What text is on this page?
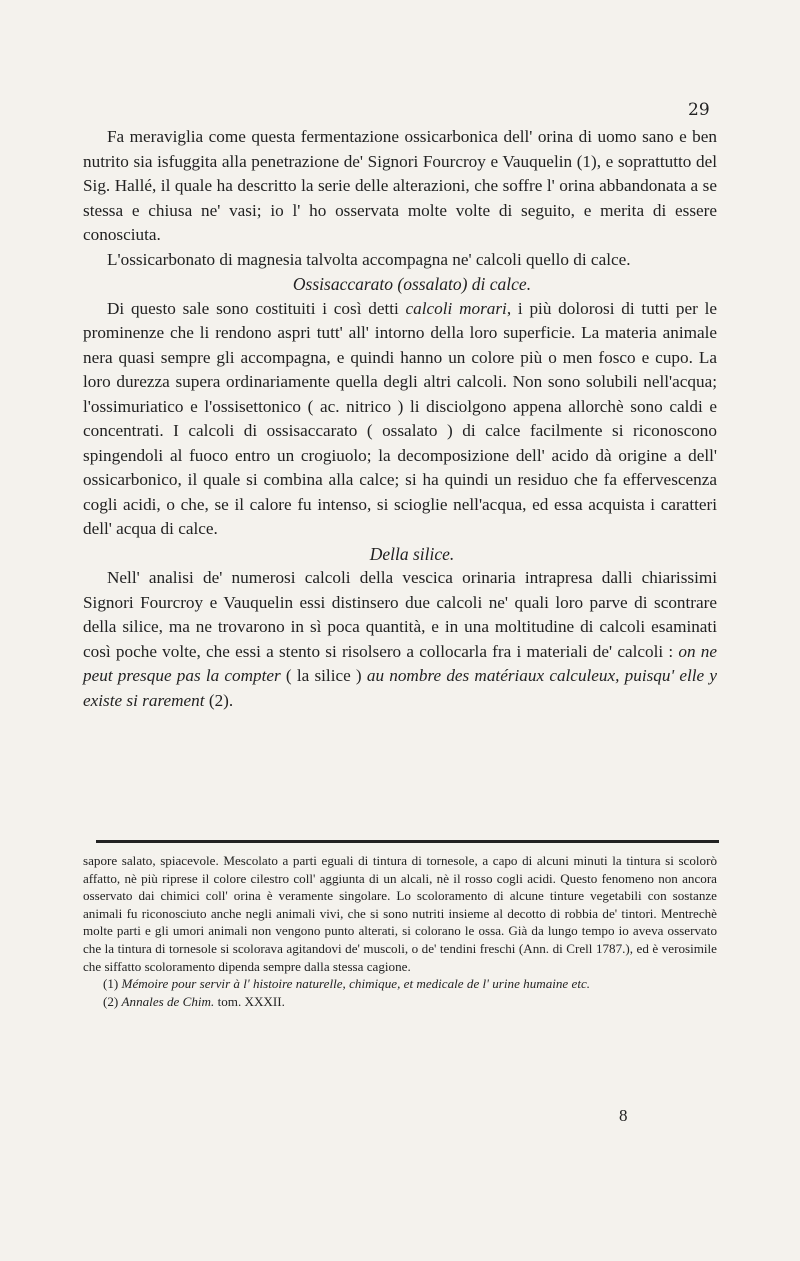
29

Fa meraviglia come questa fermentazione ossicarbonica dell' orina di uomo sano e ben nutrito sia isfuggita alla penetrazione de' Signori Fourcroy e Vauquelin (1), e soprattutto del Sig. Hallé, il quale ha descritto la serie delle alterazioni, che soffre l' orina abbandonata a se stessa e chiusa ne' vasi; io l' ho osservata molte volte di seguito, e merita di essere conosciuta.

L'ossicarbonato di magnesia talvolta accompagna ne' calcoli quello di calce.

Ossisaccarato (ossalato) di calce.

Di questo sale sono costituiti i così detti calcoli morari, i più dolorosi di tutti per le prominenze che li rendono aspri tutt' all' intorno della loro superficie. La materia animale nera quasi sempre gli accompagna, e quindi hanno un colore più o men fosco e cupo. La loro durezza supera ordinariamente quella degli altri calcoli. Non sono solubili nell'acqua; l'ossimuriatico e l'ossisettonico ( ac. nitrico ) li disciolgono appena allorchè sono caldi e concentrati. I calcoli di ossisaccarato ( ossalato ) di calce facilmente si riconoscono spingendoli al fuoco entro un crogiuolo; la decomposizione dell' acido dà origine a dell' ossicarbonico, il quale si combina alla calce; si ha quindi un residuo che fa effervescenza cogli acidi, o che, se il calore fu intenso, si scioglie nell'acqua, ed essa acquista i caratteri dell' acqua di calce.

Della silice.

Nell' analisi de' numerosi calcoli della vescica orinaria intrapresa dalli chiarissimi Signori Fourcroy e Vauquelin essi distinsero due calcoli ne' quali loro parve di scontrare della silice, ma ne trovarono in sì poca quantità, e in una moltitudine di calcoli esaminati così poche volte, che essi a stento si risolsero a collocarla fra i materiali de' calcoli : on ne peut presque pas la compter ( la silice ) au nombre des matériaux calculeux, puisqu' elle y existe si rarement (2).

sapore salato, spiacevole. Mescolato a parti eguali di tintura di tornesole, a capo di alcuni minuti la tintura si scolorò affatto, nè più riprese il colore cilestro coll' aggiunta di un alcali, nè il rosso cogli acidi. Questo fenomeno non ancora osservato dai chimici coll' orina è veramente singolare. Lo scoloramento di alcune tinture vegetabili con sostanze animali fu riconosciuto anche negli animali vivi, che si sono nutriti insieme al decotto di robbia de' tintori. Mentrechè molte parti e gli umori animali non vengono punto alterati, si colorano le ossa. Già da lungo tempo io aveva osservato che la tintura di tornesole si scolorava agitandovi de' muscoli, o de' tendini freschi (Ann. di Crell 1787.), ed è verosimile che siffatto scoloramento dipenda sempre dalla stessa cagione.

(1) Mémoire pour servir à l' histoire naturelle, chimique, et medicale de l' urine humaine etc.

(2) Annales de Chim. tom. XXXII.

8
